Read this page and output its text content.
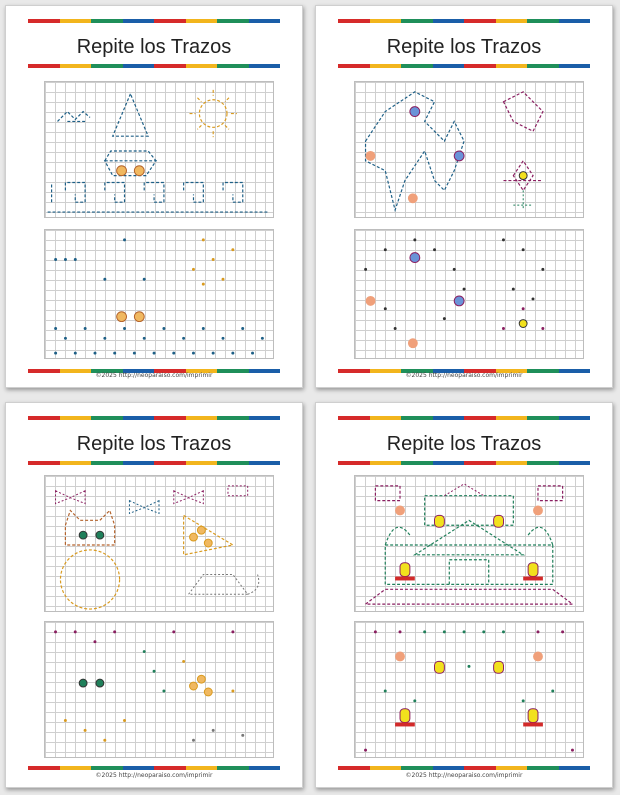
Repite los Trazos
©2025 http://neoparaiso.com/imprimir
Repite los Trazos
©2025 http://neoparaiso.com/imprimir
Repite los Trazos
©2025 http://neoparaiso.com/imprimir
Repite los Trazos
©2025 http://neoparaiso.com/imprimir
